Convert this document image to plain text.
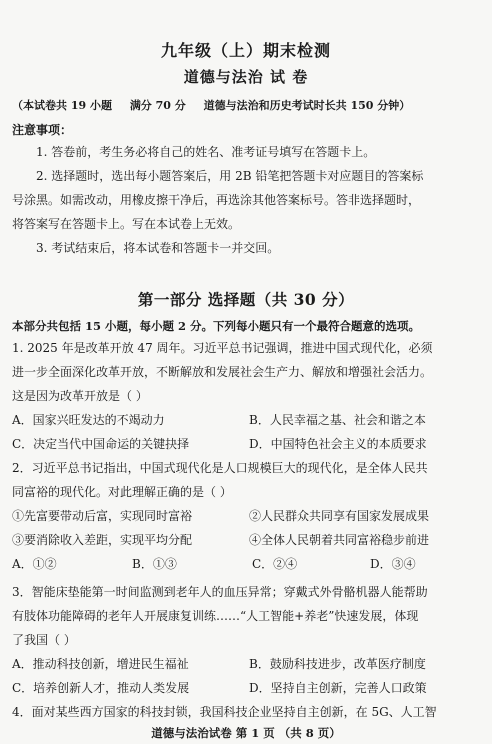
九年级（上）期末检测
道德与法治 试 卷
（本试卷共 19 小题 满分 70 分 道德与法治和历史考试时长共 150 分钟）
注意事项：
1. 答卷前，考生务必将自己的姓名、准考证号填写在答题卡上。
2. 选择题时，选出每小题答案后，用 2B 铅笔把答题卡对应题目的答案标
号涂黑。如需改动，用橡皮擦干净后，再选涂其他答案标号。答非选择题时，
将答案写在答题卡上。写在本试卷上无效。
3. 考试结束后，将本试卷和答题卡一并交回。
第一部分 选择题（共 30 分）
本部分共包括 15 小题，每小题 2 分。下列每小题只有一个最符合题意的选项。
1. 2025 年是改革开放 47 周年。习近平总书记强调，推进中国式现代化，必须
进一步全面深化改革开放，不断解放和发展社会生产力、解放和增强社会活力。
这是因为改革开放是（ ）
A．国家兴旺发达的不竭动力	B．人民幸福之基、社会和谐之本
C．决定当代中国命运的关键抉择	D．中国特色社会主义的本质要求
2．习近平总书记指出，中国式现代化是人口规模巨大的现代化，是全体人民共
同富裕的现代化。对此理解正确的是（ ）
①先富要带动后富，实现同时富裕	②人民群众共同享有国家发展成果
③要消除收入差距，实现平均分配	④全体人民朝着共同富裕稳步前进
A．①②	B．①③	C．②④	D．③④
3．智能床垫能第一时间监测到老年人的血压异常；穿戴式外骨骼机器人能帮助
有肢体功能障碍的老年人开展康复训练……“人工智能+养老”快速发展，体现
了我国（ ）
A．推动科技创新，增进民生福祉	B．鼓励科技进步，改革医疗制度
C．培养创新人才，推动人类发展	D．坚持自主创新，完善人口政策
4．面对某些西方国家的科技封锁，我国科技企业坚持自主创新，在 5G、人工智
道德与法治试卷 第 1 页 （共 8 页）
